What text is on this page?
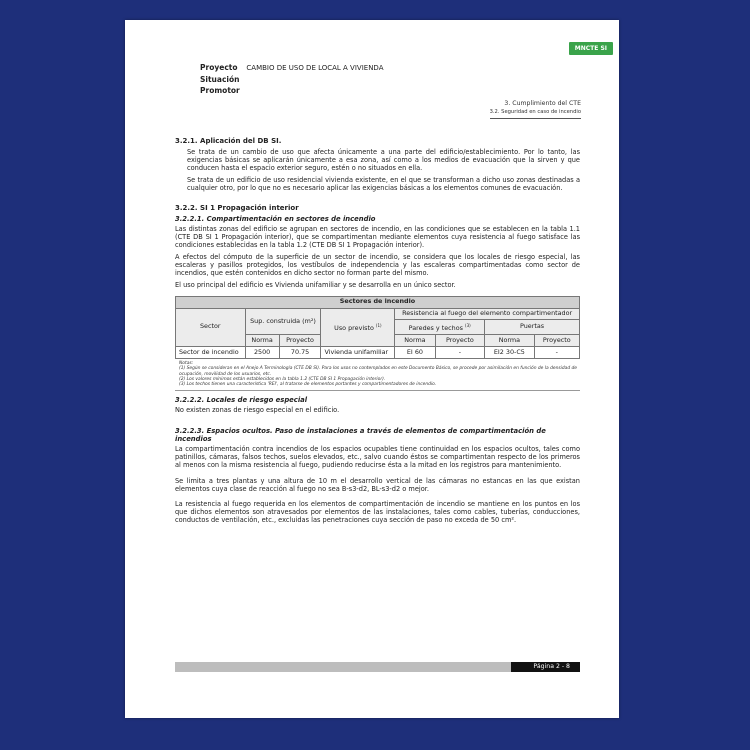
MNCTE SI
Proyecto CAMBIO DE USO DE LOCAL A VIVIENDA
Situación
Promotor
3. Cumplimiento del CTE
3.2. Seguridad en caso de incendio
3.2.1. Aplicación del DB SI.

Se trata de un cambio de uso que afecta únicamente a una parte del edificio/establecimiento. Por lo tanto, las exigencias básicas se aplicarán únicamente a esa zona, así como a los medios de evacuación que la sirven y que conducen hasta el espacio exterior seguro, estén o no situados en ella.

Se trata de un edificio de uso residencial vivienda existente, en el que se transforman a dicho uso zonas destinadas a cualquier otro, por lo que no es necesario aplicar las exigencias básicas a los elementos comunes de evacuación.

3.2.2. SI 1 Propagación interior
3.2.2.1. Compartimentación en sectores de incendio

Las distintas zonas del edificio se agrupan en sectores de incendio, en las condiciones que se establecen en la tabla 1.1 (CTE DB SI 1 Propagación interior), que se compartimentan mediante elementos cuya resistencia al fuego satisface las condiciones establecidas en la tabla 1.2 (CTE DB SI 1 Propagación interior).

A efectos del cómputo de la superficie de un sector de incendio, se considera que los locales de riesgo especial, las escaleras y pasillos protegidos, los vestíbulos de independencia y las escaleras compartimentadas como sector de incendios, que estén contenidos en dicho sector no forman parte del mismo.

El uso principal del edificio es Vivienda unifamiliar y se desarrolla en un único sector.

Sectores de incendio							
Sector	Sup. construida (m²)		Uso previsto $^{(1)}$	Resistencia al fuego del elemento compartimentador			
				Paredes y techos $^{(3)}$		Puertas	
	Norma	Proyecto		Norma	Proyecto	Norma	Proyecto
Sector de incendio	2500	70.75	Vivienda unifamiliar	EI 60	-	EI2 30-C5	-
Notas:
(1) Según se consideran en el Anejo A Terminología (CTE DB SI). Para los usos no contemplados en este Documento Básico, se procede por asimilación en función de la densidad de ocupación, movilidad de los usuarios, etc.
(2) Los valores mínimos están establecidos en la tabla 1.2 (CTE DB SI 1 Propagación interior).
(3) Los techos tienen una característica 'REI', al tratarse de elementos portantes y compartimentadores de incendio.
3.2.2.2. Locales de riesgo especial

No existen zonas de riesgo especial en el edificio.

3.2.2.3. Espacios ocultos. Paso de instalaciones a través de elementos de compartimentación de incendios

La compartimentación contra incendios de los espacios ocupables tiene continuidad en los espacios ocultos, tales como patinillos, cámaras, falsos techos, suelos elevados, etc., salvo cuando éstos se compartimentan respecto de los primeros al menos con la misma resistencia al fuego, pudiendo reducirse ésta a la mitad en los registros para mantenimiento.

Se limita a tres plantas y una altura de 10 m el desarrollo vertical de las cámaras no estancas en las que existan elementos cuya clase de reacción al fuego no sea B-s3-d2, BL-s3-d2 o mejor.

La resistencia al fuego requerida en los elementos de compartimentación de incendio se mantiene en los puntos en los que dichos elementos son atravesados por elementos de las instalaciones, tales como cables, tuberías, conducciones, conductos de ventilación, etc., excluidas las penetraciones cuya sección de paso no exceda de 50 cm².

Página 2 - 8
